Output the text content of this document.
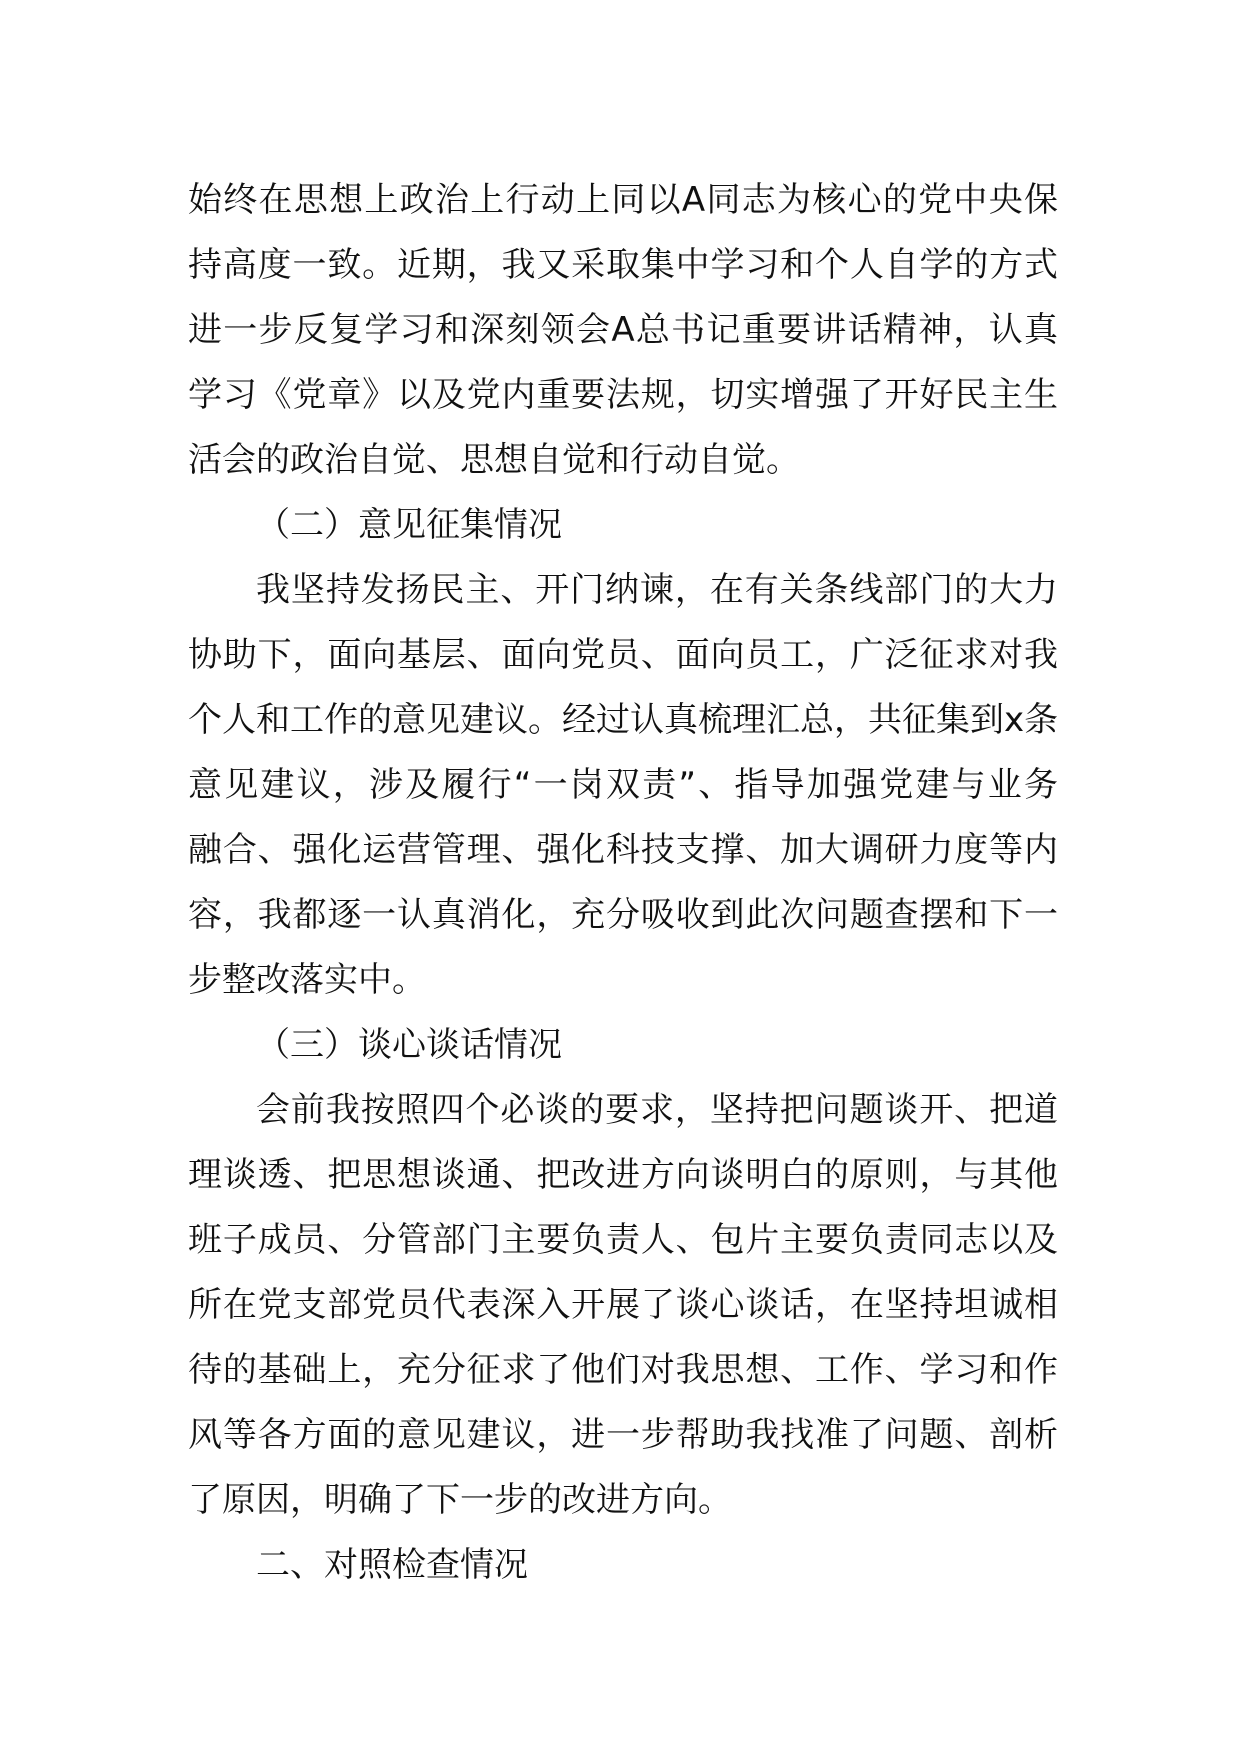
始终在思想上政治上行动上同以A同志为核心的党中央保
持高度一致。近期，我又采取集中学习和个人自学的方式
进一步反复学习和深刻领会A总书记重要讲话精神，认真
学习《党章》以及党内重要法规，切实增强了开好民主生
活会的政治自觉、思想自觉和行动自觉。
（二）意见征集情况
我坚持发扬民主、开门纳谏，在有关条线部门的大力
协助下，面向基层、面向党员、面向员工，广泛征求对我
个人和工作的意见建议。经过认真梳理汇总，共征集到x条
意见建议，涉及履行“一岗双责”、指导加强党建与业务
融合、强化运营管理、强化科技支撑、加大调研力度等内
容，我都逐一认真消化，充分吸收到此次问题查摆和下一
步整改落实中。
（三）谈心谈话情况
会前我按照四个必谈的要求，坚持把问题谈开、把道
理谈透、把思想谈通、把改进方向谈明白的原则，与其他
班子成员、分管部门主要负责人、包片主要负责同志以及
所在党支部党员代表深入开展了谈心谈话，在坚持坦诚相
待的基础上，充分征求了他们对我思想、工作、学习和作
风等各方面的意见建议，进一步帮助我找准了问题、剖析
了原因，明确了下一步的改进方向。
二、对照检查情况
